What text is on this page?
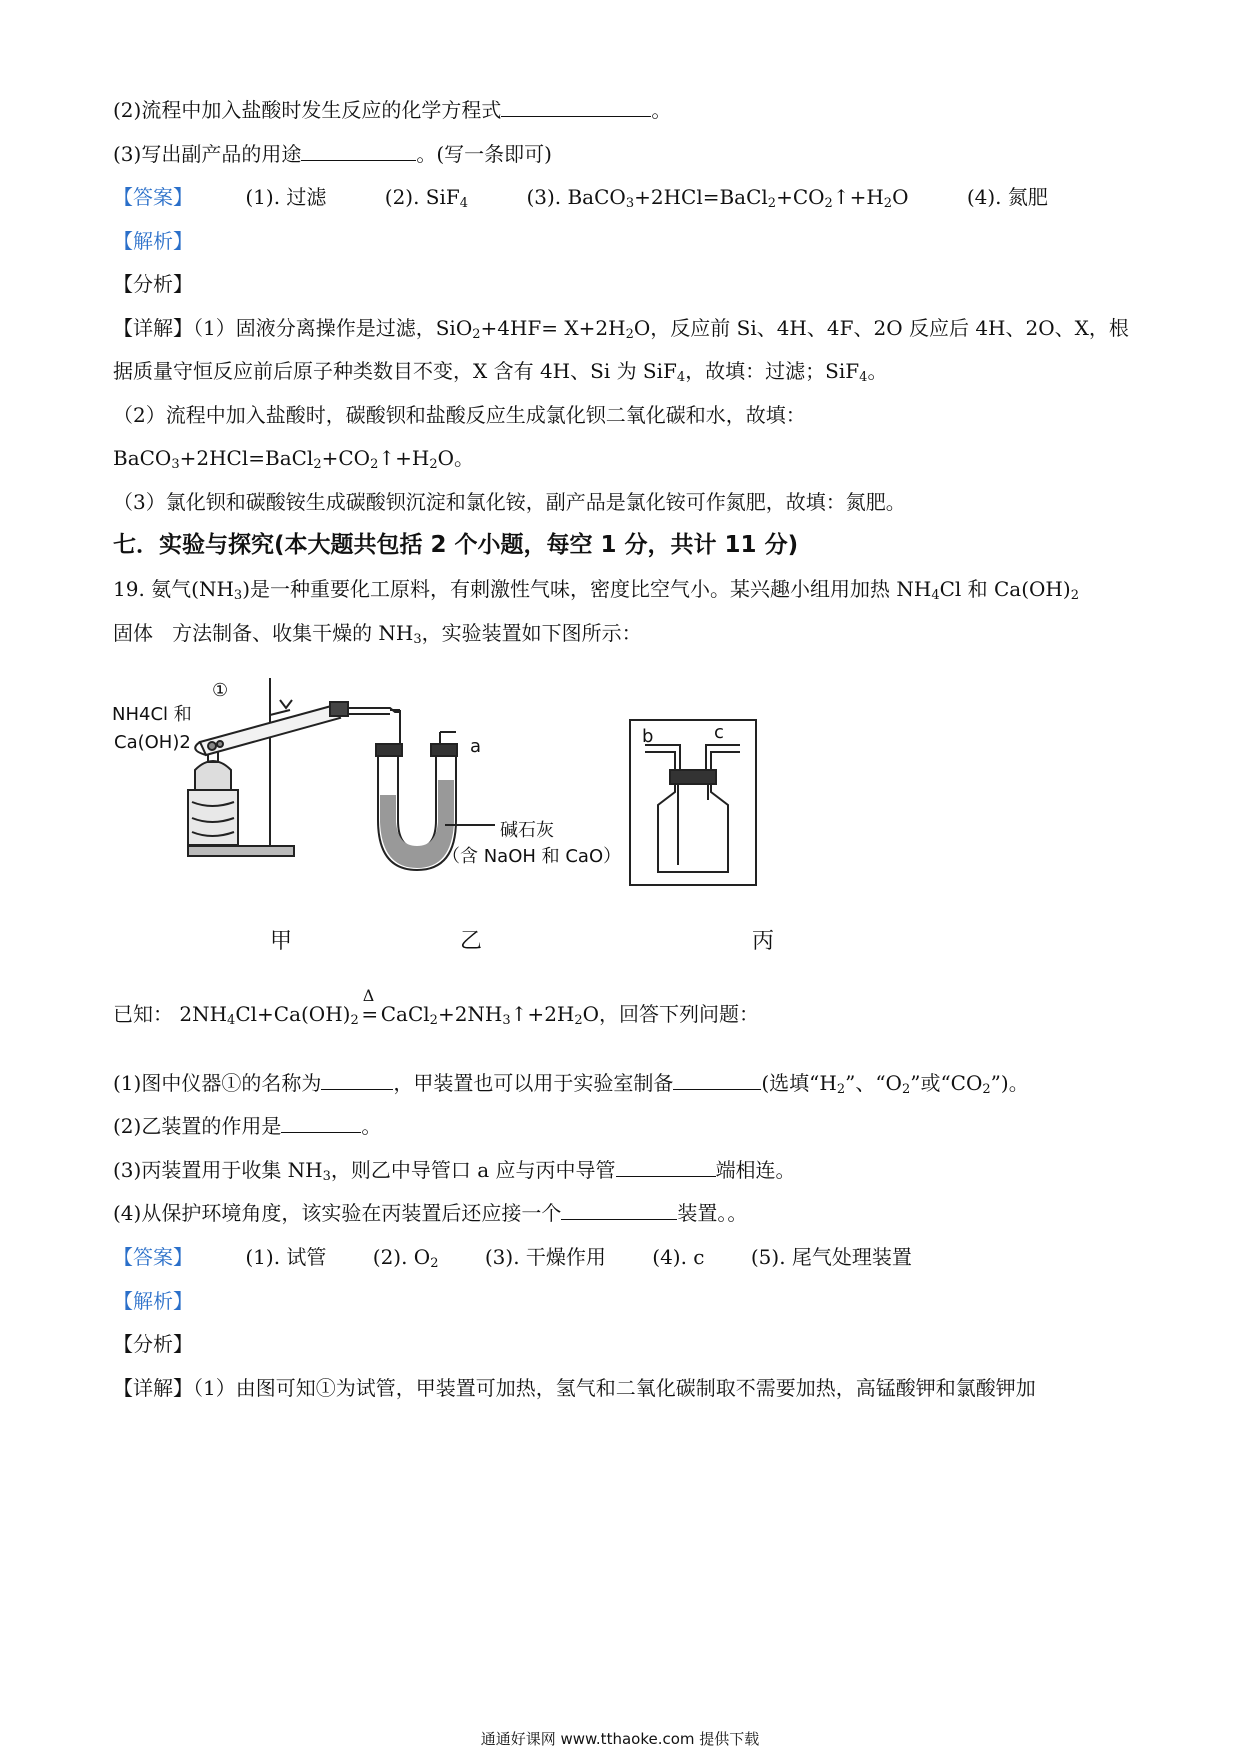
(2)流程中加入盐酸时发生反应的化学方程式	。
(3)写出副产品的用途	。(写一条即可)
【答案】	(1). 过滤	(2). SiF$_4$	(3). $BaCO_3+2HCl=BaCl_2+CO_2↑+H_2O$	(4). 氮肥
【解析】
【分析】
【详解】（1）固液分离操作是过滤，$SiO_2+4HF= X+2H_2O$，反应前 Si、4H、4F、2O 反应后 4H、2O、X，根
据质量守恒反应前后原子种类数目不变，X 含有 4H、Si 为 SiF$_4$，故填：过滤；SiF$_4$。
（2）流程中加入盐酸时，碳酸钡和盐酸反应生成氯化钡二氧化碳和水，故填：
$BaCO_3+2HCl=BaCl_2+CO_2↑+H_2O$。
（3）氯化钡和碳酸铵生成碳酸钡沉淀和氯化铵，副产品是氯化铵可作氮肥，故填：氮肥。
七．实验与探究(本大题共包括 2 个小题，每空 1 分，共计 11 分)
19. 氨气$(NH_3)$是一种重要化工原料，有刺激性气味，密度比空气小。某兴趣小组用加热 $NH_4Cl$ 和 $Ca(OH)_2$
固体   方法制备、收集干燥的 $NH_3$，实验装置如下图所示：
①
NH4Cl 和
Ca(OH)2	a	b	c
碱石灰
（含 NaOH 和 CaO）
甲	乙	丙
已知： $2NH_4Cl+Ca(OH)_2$
Δ
= $CaCl_2+2NH_3↑+2H_2O$，回答下列问题：
(1)图中仪器①的名称为	，甲装置也可以用于实验室制备	(选填“$H_2$”、“$O_2$”或“$CO_2$”)。
(2)乙装置的作用是	。
(3)丙装置用于收集 $NH_3$，则乙中导管口 a 应与丙中导管	端相连。
(4)从保护环境角度，该实验在丙装置后还应接一个	装置。。
【答案】	(1). 试管 (2). $O_2$ (3). 干燥作用 (4). c (5). 尾气处理装置
【解析】
【分析】
【详解】（1）由图可知①为试管，甲装置可加热，氢气和二氧化碳制取不需要加热，高锰酸钾和氯酸钾加
通通好课网 www.tthaoke.com 提供下载
